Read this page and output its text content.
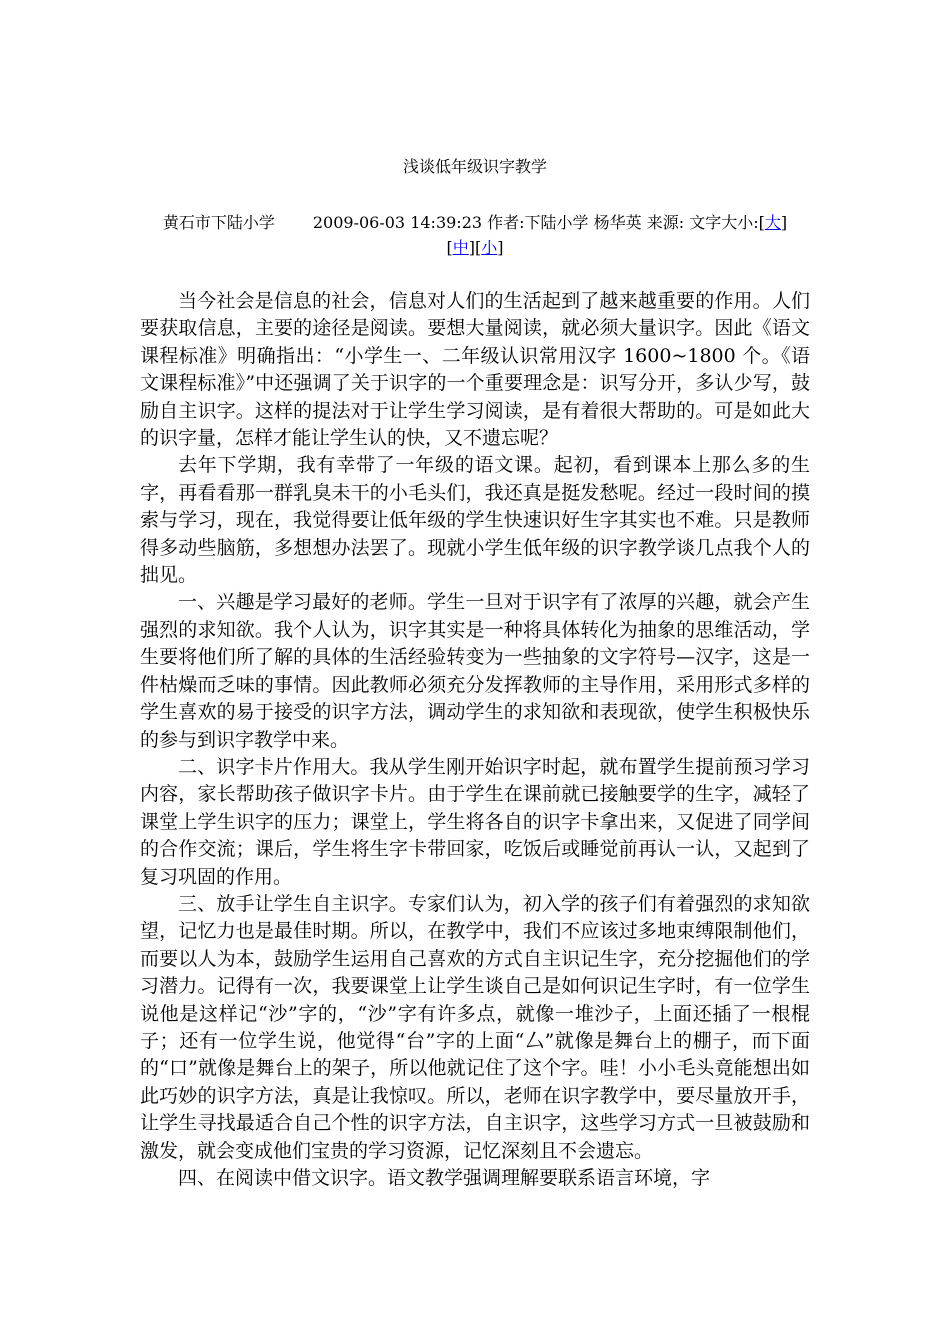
浅谈低年级识字教学
黄石市下陆小学 2009-06-03 14:39:23 作者:下陆小学 杨华英 来源: 文字大小:[大][中][小]

当今社会是信息的社会，信息对人们的生活起到了越来越重要的作用。人们要获取信息，主要的途径是阅读。要想大量阅读，就必须大量识字。因此《语文课程标准》明确指出：“小学生一、二年级认识常用汉字 1600~1800 个。《语文课程标准》”中还强调了关于识字的一个重要理念是：识写分开，多认少写，鼓励自主识字。这样的提法对于让学生学习阅读，是有着很大帮助的。可是如此大的识字量，怎样才能让学生认的快，又不遗忘呢？

去年下学期，我有幸带了一年级的语文课。起初，看到课本上那么多的生字，再看看那一群乳臭未干的小毛头们，我还真是挺发愁呢。经过一段时间的摸索与学习，现在，我觉得要让低年级的学生快速识好生字其实也不难。只是教师得多动些脑筋，多想想办法罢了。现就小学生低年级的识字教学谈几点我个人的拙见。

一、兴趣是学习最好的老师。学生一旦对于识字有了浓厚的兴趣，就会产生强烈的求知欲。我个人认为，识字其实是一种将具体转化为抽象的思维活动，学生要将他们所了解的具体的生活经验转变为一些抽象的文字符号—汉字，这是一件枯燥而乏味的事情。因此教师必须充分发挥教师的主导作用，采用形式多样的学生喜欢的易于接受的识字方法，调动学生的求知欲和表现欲，使学生积极快乐的参与到识字教学中来。

二、识字卡片作用大。我从学生刚开始识字时起，就布置学生提前预习学习内容，家长帮助孩子做识字卡片。由于学生在课前就已接触要学的生字，减轻了课堂上学生识字的压力；课堂上，学生将各自的识字卡拿出来，又促进了同学间的合作交流；课后，学生将生字卡带回家，吃饭后或睡觉前再认一认，又起到了复习巩固的作用。

三、放手让学生自主识字。专家们认为，初入学的孩子们有着强烈的求知欲望，记忆力也是最佳时期。所以，在教学中，我们不应该过多地束缚限制他们，而要以人为本，鼓励学生运用自己喜欢的方式自主识记生字，充分挖掘他们的学习潜力。记得有一次，我要课堂上让学生谈自己是如何识记生字时，有一位学生说他是这样记“沙”字的，“沙”字有许多点，就像一堆沙子，上面还插了一根棍子；还有一位学生说，他觉得“台”字的上面“厶”就像是舞台上的棚子，而下面的“口”就像是舞台上的架子，所以他就记住了这个字。哇！小小毛头竟能想出如此巧妙的识字方法，真是让我惊叹。所以，老师在识字教学中，要尽量放开手，让学生寻找最适合自己个性的识字方法，自主识字，这些学习方式一旦被鼓励和激发，就会变成他们宝贵的学习资源，记忆深刻且不会遗忘。

四、在阅读中借文识字。语文教学强调理解要联系语言环境，字
